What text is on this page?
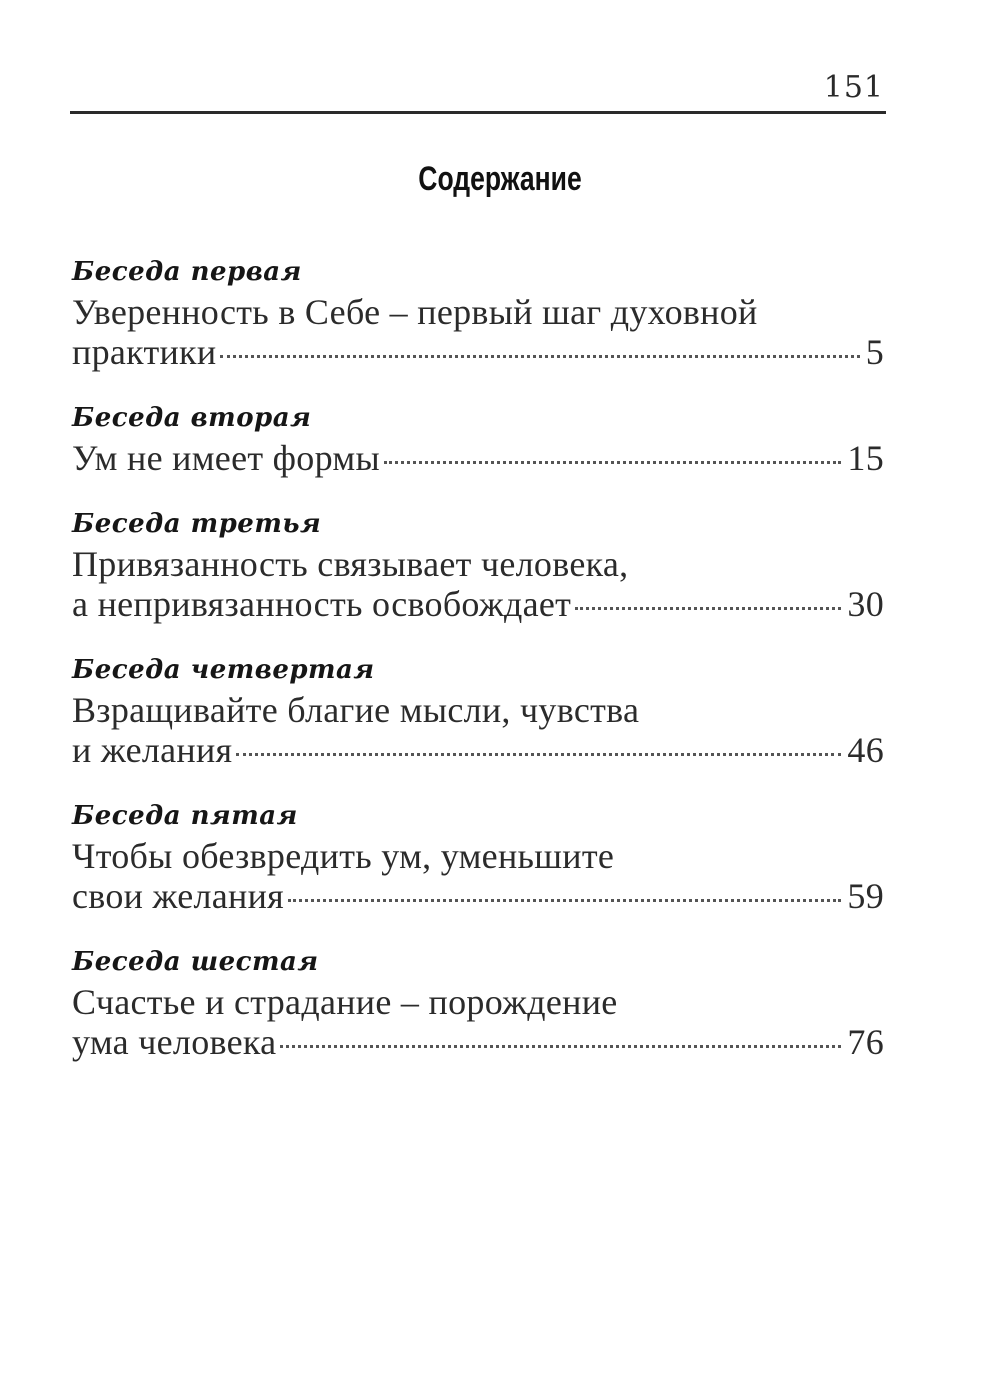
151
Содержание
Беседа первая
Уверенность в Себе – первый шаг духовной
практики	5
Беседа вторая
Ум не имеет формы	15
Беседа третья
Привязанность связывает человека,
а непривязанность освобождает	30
Беседа четвертая
Взращивайте благие мысли, чувства
и желания	46
Беседа пятая
Чтобы обезвредить ум, уменьшите
свои желания	59
Беседа шестая
Счастье и страдание – порождение
ума человека	76
